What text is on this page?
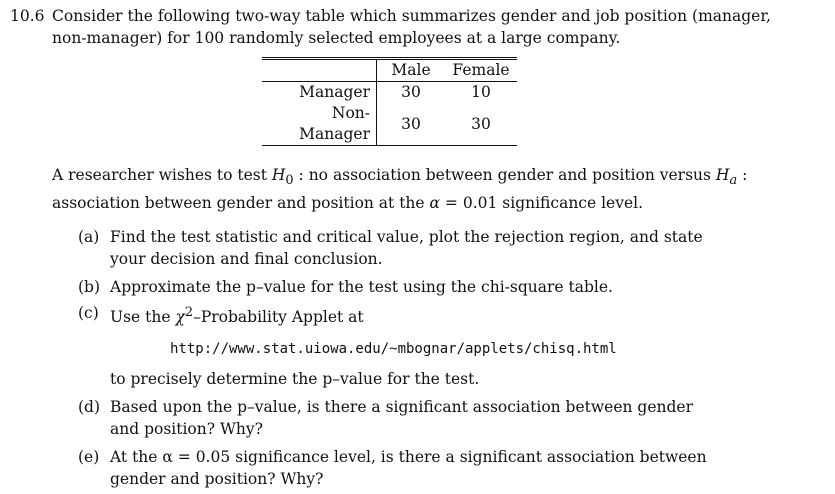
10.6 Consider the following two-way table which summarizes gender and job position (manager,
non-manager) for 100 randomly selected employees at a large company.
	Male	Female
Manager	30	10
Non-Manager	30	30
A researcher wishes to test $H_0$ : no association between gender and position versus $H_a$ :
association between gender and position at the α = 0.01 significance level.
(a) Find the test statistic and critical value, plot the rejection region, and state your decision and final conclusion.
(b) Approximate the p–value for the test using the chi-square table.
(c) Use the $\chi^2$–Probability Applet at
http://www.stat.uiowa.edu/~mbognar/applets/chisq.html
to precisely determine the p–value for the test.
(d) Based upon the p–value, is there a significant association between gender and position? Why?
(e) At the α = 0.05 significance level, is there a significant association between gender and position? Why?
